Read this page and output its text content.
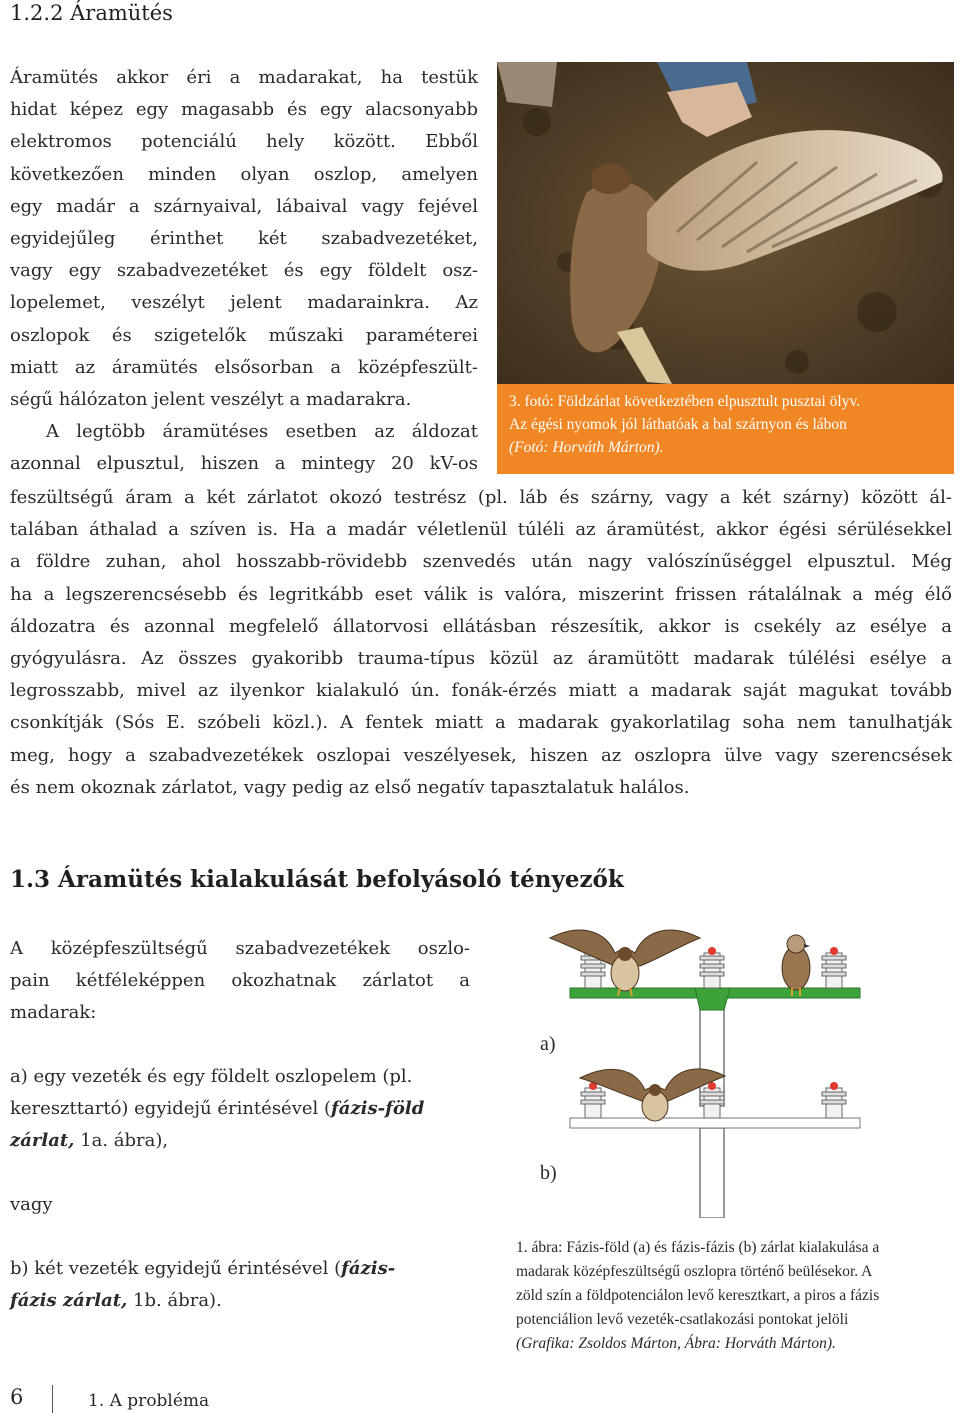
1.2.2 Áramütés
Áramütés akkor éri a madarakat, ha testük
hidat képez egy magasabb és egy alacsonyabb
elektromos potenciálú hely között. Ebből
következően minden olyan oszlop, amelyen
egy madár a szárnyaival, lábaival vagy fejével
egyidejűleg érinthet két szabadvezetéket,
vagy egy szabadvezetéket és egy földelt osz-
lopelemet, veszélyt jelent madarainkra. Az
oszlopok és szigetelők műszaki paraméterei
miatt az áramütés elsősorban a középfeszült-
ségű hálózaton jelent veszélyt a madarakra.
A legtöbb áramütéses esetben az áldozat
azonnal elpusztul, hiszen a mintegy 20 kV-os
3. fotó: Földzárlat következtében elpusztult pusztai ölyv.
Az égési nyomok jól láthatóak a bal szárnyon és lábon
(Fotó: Horváth Márton).
feszültségű áram a két zárlatot okozó testrész (pl. láb és szárny, vagy a két szárny) között ál-
talában áthalad a szíven is. Ha a madár véletlenül túléli az áramütést, akkor égési sérülésekkel
a földre zuhan, ahol hosszabb-rövidebb szenvedés után nagy valószínűséggel elpusztul. Még
ha a legszerencsésebb és legritkább eset válik is valóra, miszerint frissen rátalálnak a még élő
áldozatra és azonnal megfelelő állatorvosi ellátásban részesítik, akkor is csekély az esélye a
gyógyulásra. Az összes gyakoribb trauma-típus közül az áramütött madarak túlélési esélye a
legrosszabb, mivel az ilyenkor kialakuló ún. fonák-érzés miatt a madarak saját magukat tovább
csonkítják (Sós E. szóbeli közl.). A fentek miatt a madarak gyakorlatilag soha nem tanulhatják
meg, hogy a szabadvezetékek oszlopai veszélyesek, hiszen az oszlopra ülve vagy szerencsések
és nem okoznak zárlatot, vagy pedig az első negatív tapasztalatuk halálos.
1.3 Áramütés kialakulását befolyásoló tényezők
A középfeszültségű szabadvezetékek oszlo-
pain kétféleképpen okozhatnak zárlatot a
madarak:
a) egy vezeték és egy földelt oszlopelem (pl.
kereszttartó) egyidejű érintésével (fázis-föld
zárlat, 1a. ábra),
vagy
b) két vezeték egyidejű érintésével (fázis-
fázis zárlat, 1b. ábra).
a)
b)
1. ábra: Fázis-föld (a) és fázis-fázis (b) zárlat kialakulása a
madarak középfeszültségű oszlopra történő beülésekor. A
zöld szín a földpotenciálon levő keresztkart, a piros a fázis
potenciálion levő vezeték-csatlakozási pontokat jelöli
(Grafika: Zsoldos Márton, Ábra: Horváth Márton).
6	1. A probléma
